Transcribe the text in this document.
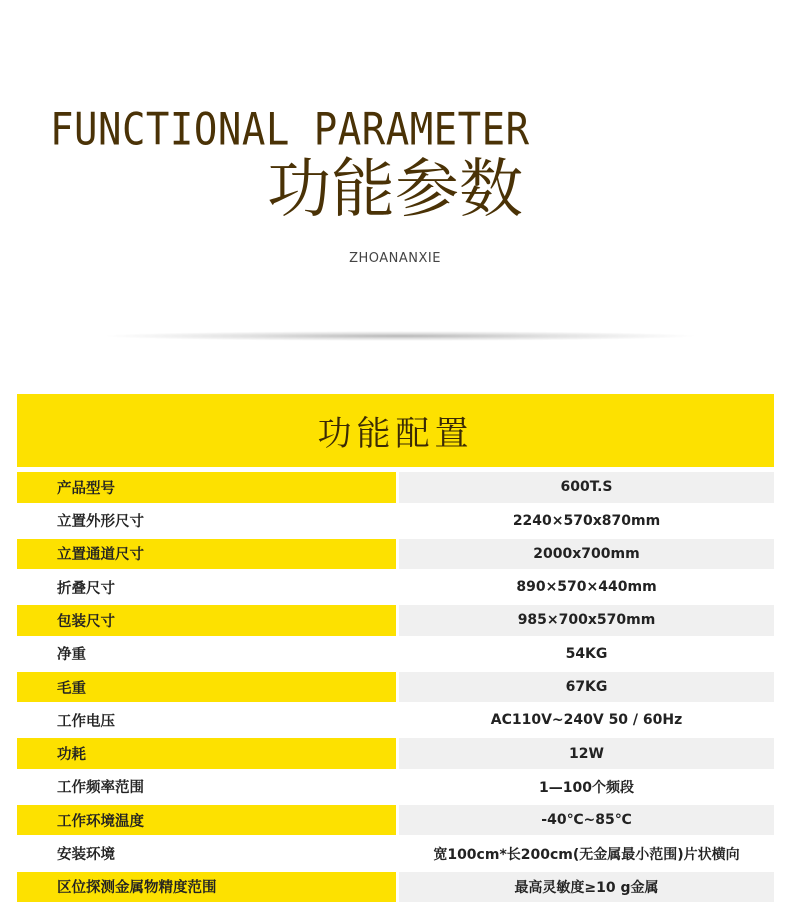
FUNCTIONAL PARAMETER
功能参数
ZHOANANXIE
功能配置
产品型号	600T.S
立置外形尺寸	2240×570x870mm
立置通道尺寸	2000x700mm
折叠尺寸	890×570×440mm
包装尺寸	985×700x570mm
净重	54KG
毛重	67KG
工作电压	AC110V~240V 50 / 60Hz
功耗	12W
工作频率范围	1—100个频段
工作环境温度	-40℃~85℃
安装环境	宽100cm*长200cm(无金属最小范围)片状横向
区位探测金属物精度范围	最高灵敏度≥10 g金属
